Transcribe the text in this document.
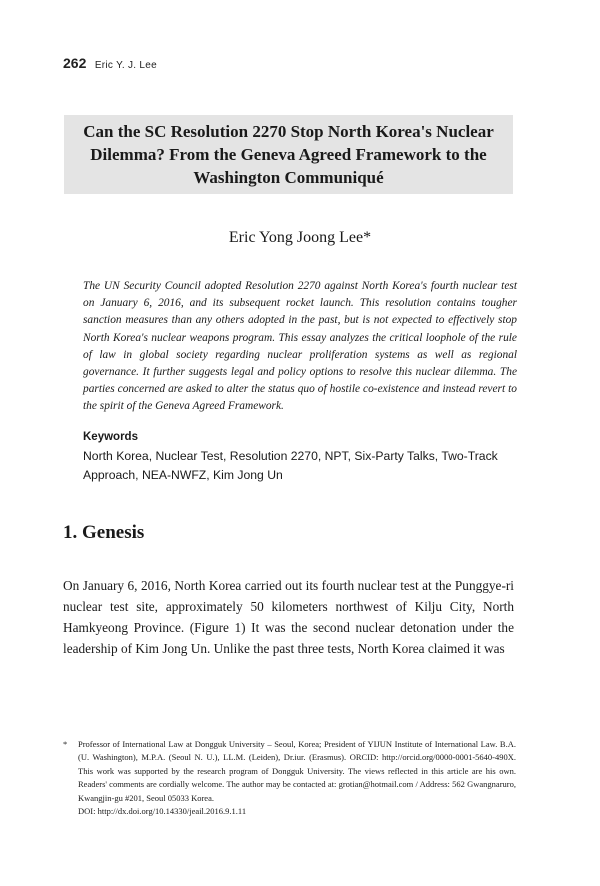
262 Eric Y. J. Lee
Can the SC Resolution 2270 Stop North Korea's Nuclear Dilemma? From the Geneva Agreed Framework to the Washington Communiqué
Eric Yong Joong Lee*
The UN Security Council adopted Resolution 2270 against North Korea's fourth nuclear test on January 6, 2016, and its subsequent rocket launch. This resolution contains tougher sanction measures than any others adopted in the past, but is not expected to effectively stop North Korea's nuclear weapons program. This essay analyzes the critical loophole of the rule of law in global society regarding nuclear proliferation systems as well as regional governance. It further suggests legal and policy options to resolve this nuclear dilemma. The parties concerned are asked to alter the status quo of hostile co-existence and instead revert to the spirit of the Geneva Agreed Framework.
Keywords
North Korea, Nuclear Test, Resolution 2270, NPT, Six-Party Talks, Two-Track Approach, NEA-NWFZ, Kim Jong Un
1. Genesis
On January 6, 2016, North Korea carried out its fourth nuclear test at the Punggye-ri nuclear test site, approximately 50 kilometers northwest of Kilju City, North Hamkyeong Province. (Figure 1) It was the second nuclear detonation under the leadership of Kim Jong Un. Unlike the past three tests, North Korea claimed it was
* Professor of International Law at Dongguk University – Seoul, Korea; President of YIJUN Institute of International Law. B.A. (U. Washington), M.P.A. (Seoul N. U.), LL.M. (Leiden), Dr.iur. (Erasmus). ORCID: http://orcid.org/0000-0001-5640-490X. This work was supported by the research program of Dongguk University. The views reflected in this article are his own. Readers' comments are cordially welcome. The author may be contacted at: grotian@hotmail.com / Address: 562 Gwangnaruro, Kwangjin-gu #201, Seoul 05033 Korea.
DOI: http://dx.doi.org/10.14330/jeail.2016.9.1.11
